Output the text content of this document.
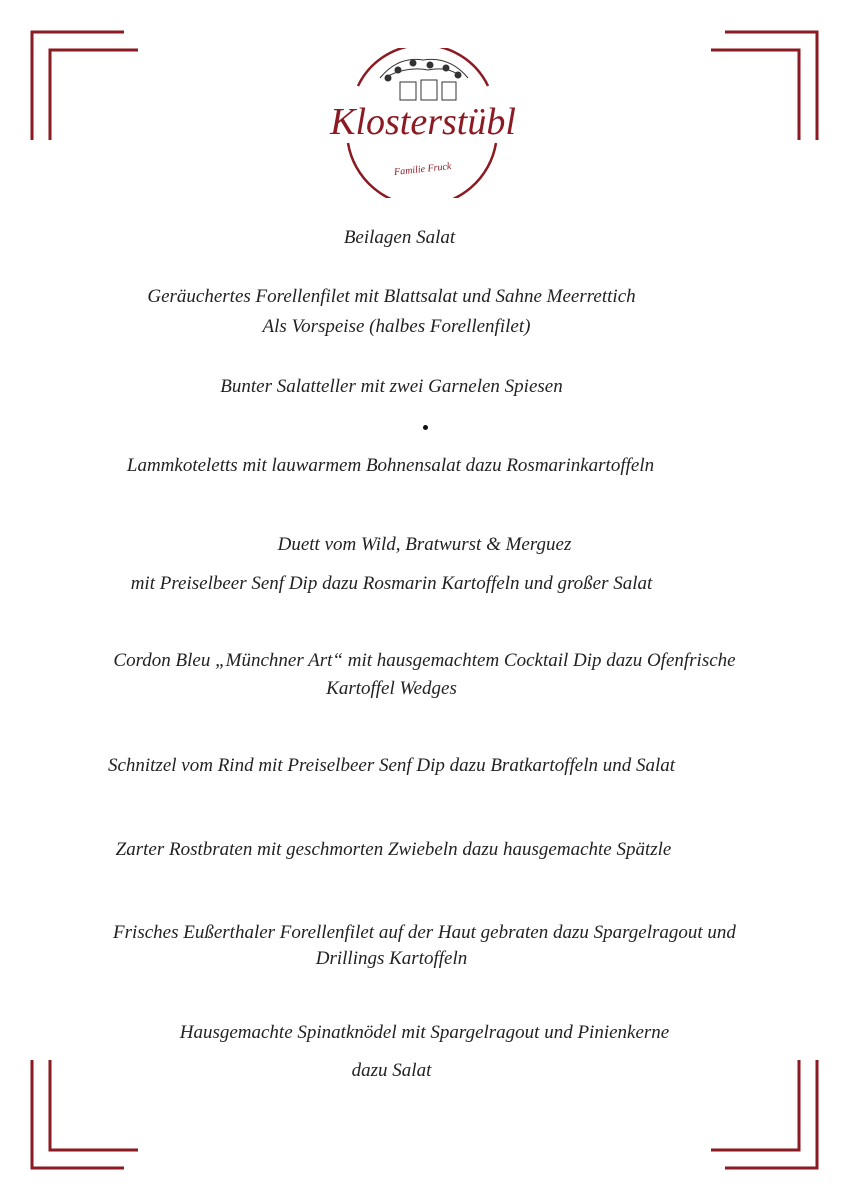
Klosterstübl
Familie Fruck

Beilagen Salat

Geräuchertes Forellenfilet mit Blattsalat und Sahne Meerrettich

Als Vorspeise (halbes Forellenfilet)

Bunter Salatteller mit zwei Garnelen Spiesen

Lammkoteletts mit lauwarmem Bohnensalat dazu Rosmarinkartoffeln

Duett vom Wild, Bratwurst & Merguez

mit Preiselbeer Senf Dip dazu Rosmarin Kartoffeln und großer Salat

Cordon Bleu „Münchner Art“ mit hausgemachtem Cocktail Dip dazu Ofenfrische

Kartoffel Wedges

Schnitzel vom Rind mit Preiselbeer Senf Dip dazu Bratkartoffeln und Salat

Zarter Rostbraten mit geschmorten Zwiebeln dazu hausgemachte Spätzle

Frisches Eußerthaler Forellenfilet auf der Haut gebraten dazu Spargelragout und

Drillings Kartoffeln

Hausgemachte Spinatknödel mit Spargelragout und Pinienkerne

dazu Salat
